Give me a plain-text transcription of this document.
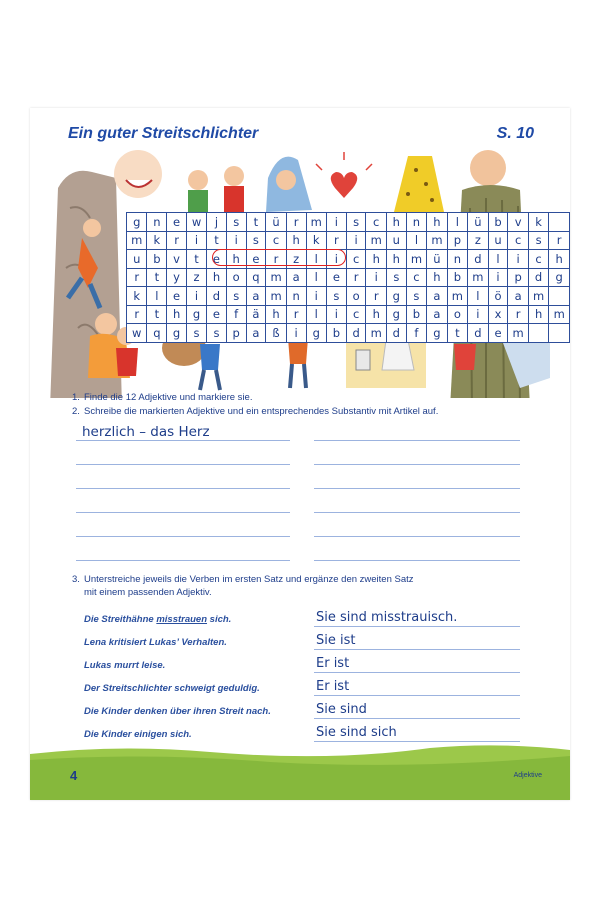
Ein guter Streitschlichter	S. 10
g	n	e	w	j	s	t	ü	r	m	i	s	c	h	n	h	l	ü	b	v	k	
m	k	r	i	t	i	s	c	h	k	r	i	m	u	l	m	p	z	u	c	s	r
u	b	v	t	e	h	e	r	z	l	i	c	h	h	m	ü	n	d	l	i	c	h
r	t	y	z	h	o	q	m	a	l	e	r	i	s	c	h	b	m	i	p	d	g
k	l	e	i	d	s	a	m	n	i	s	o	r	g	s	a	m	l	ö	a	m	
r	t	h	g	e	f	ä	h	r	l	i	c	h	g	b	a	o	i	x	r	h	m
w	q	g	s	s	p	a	ß	i	g	b	d	m	d	f	g	t	d	e	m		
1. Finde die 12 Adjektive und markiere sie.
2. Schreibe die markierten Adjektive und ein entsprechendes Substantiv mit Artikel auf.
herzlich – das Herz
3. Unterstreiche jeweils die Verben im ersten Satz und ergänze den zweiten Satz
mit einem passenden Adjektiv.
Die Streithähne misstrauen sich.	Sie sind misstrauisch.
Lena kritisiert Lukas’ Verhalten.	Sie ist
Lukas murrt leise.	Er ist
Der Streitschlichter schweigt geduldig.	Er ist
Die Kinder denken über ihren Streit nach.	Sie sind
Die Kinder einigen sich.	Sie sind sich
4	Adjektive
